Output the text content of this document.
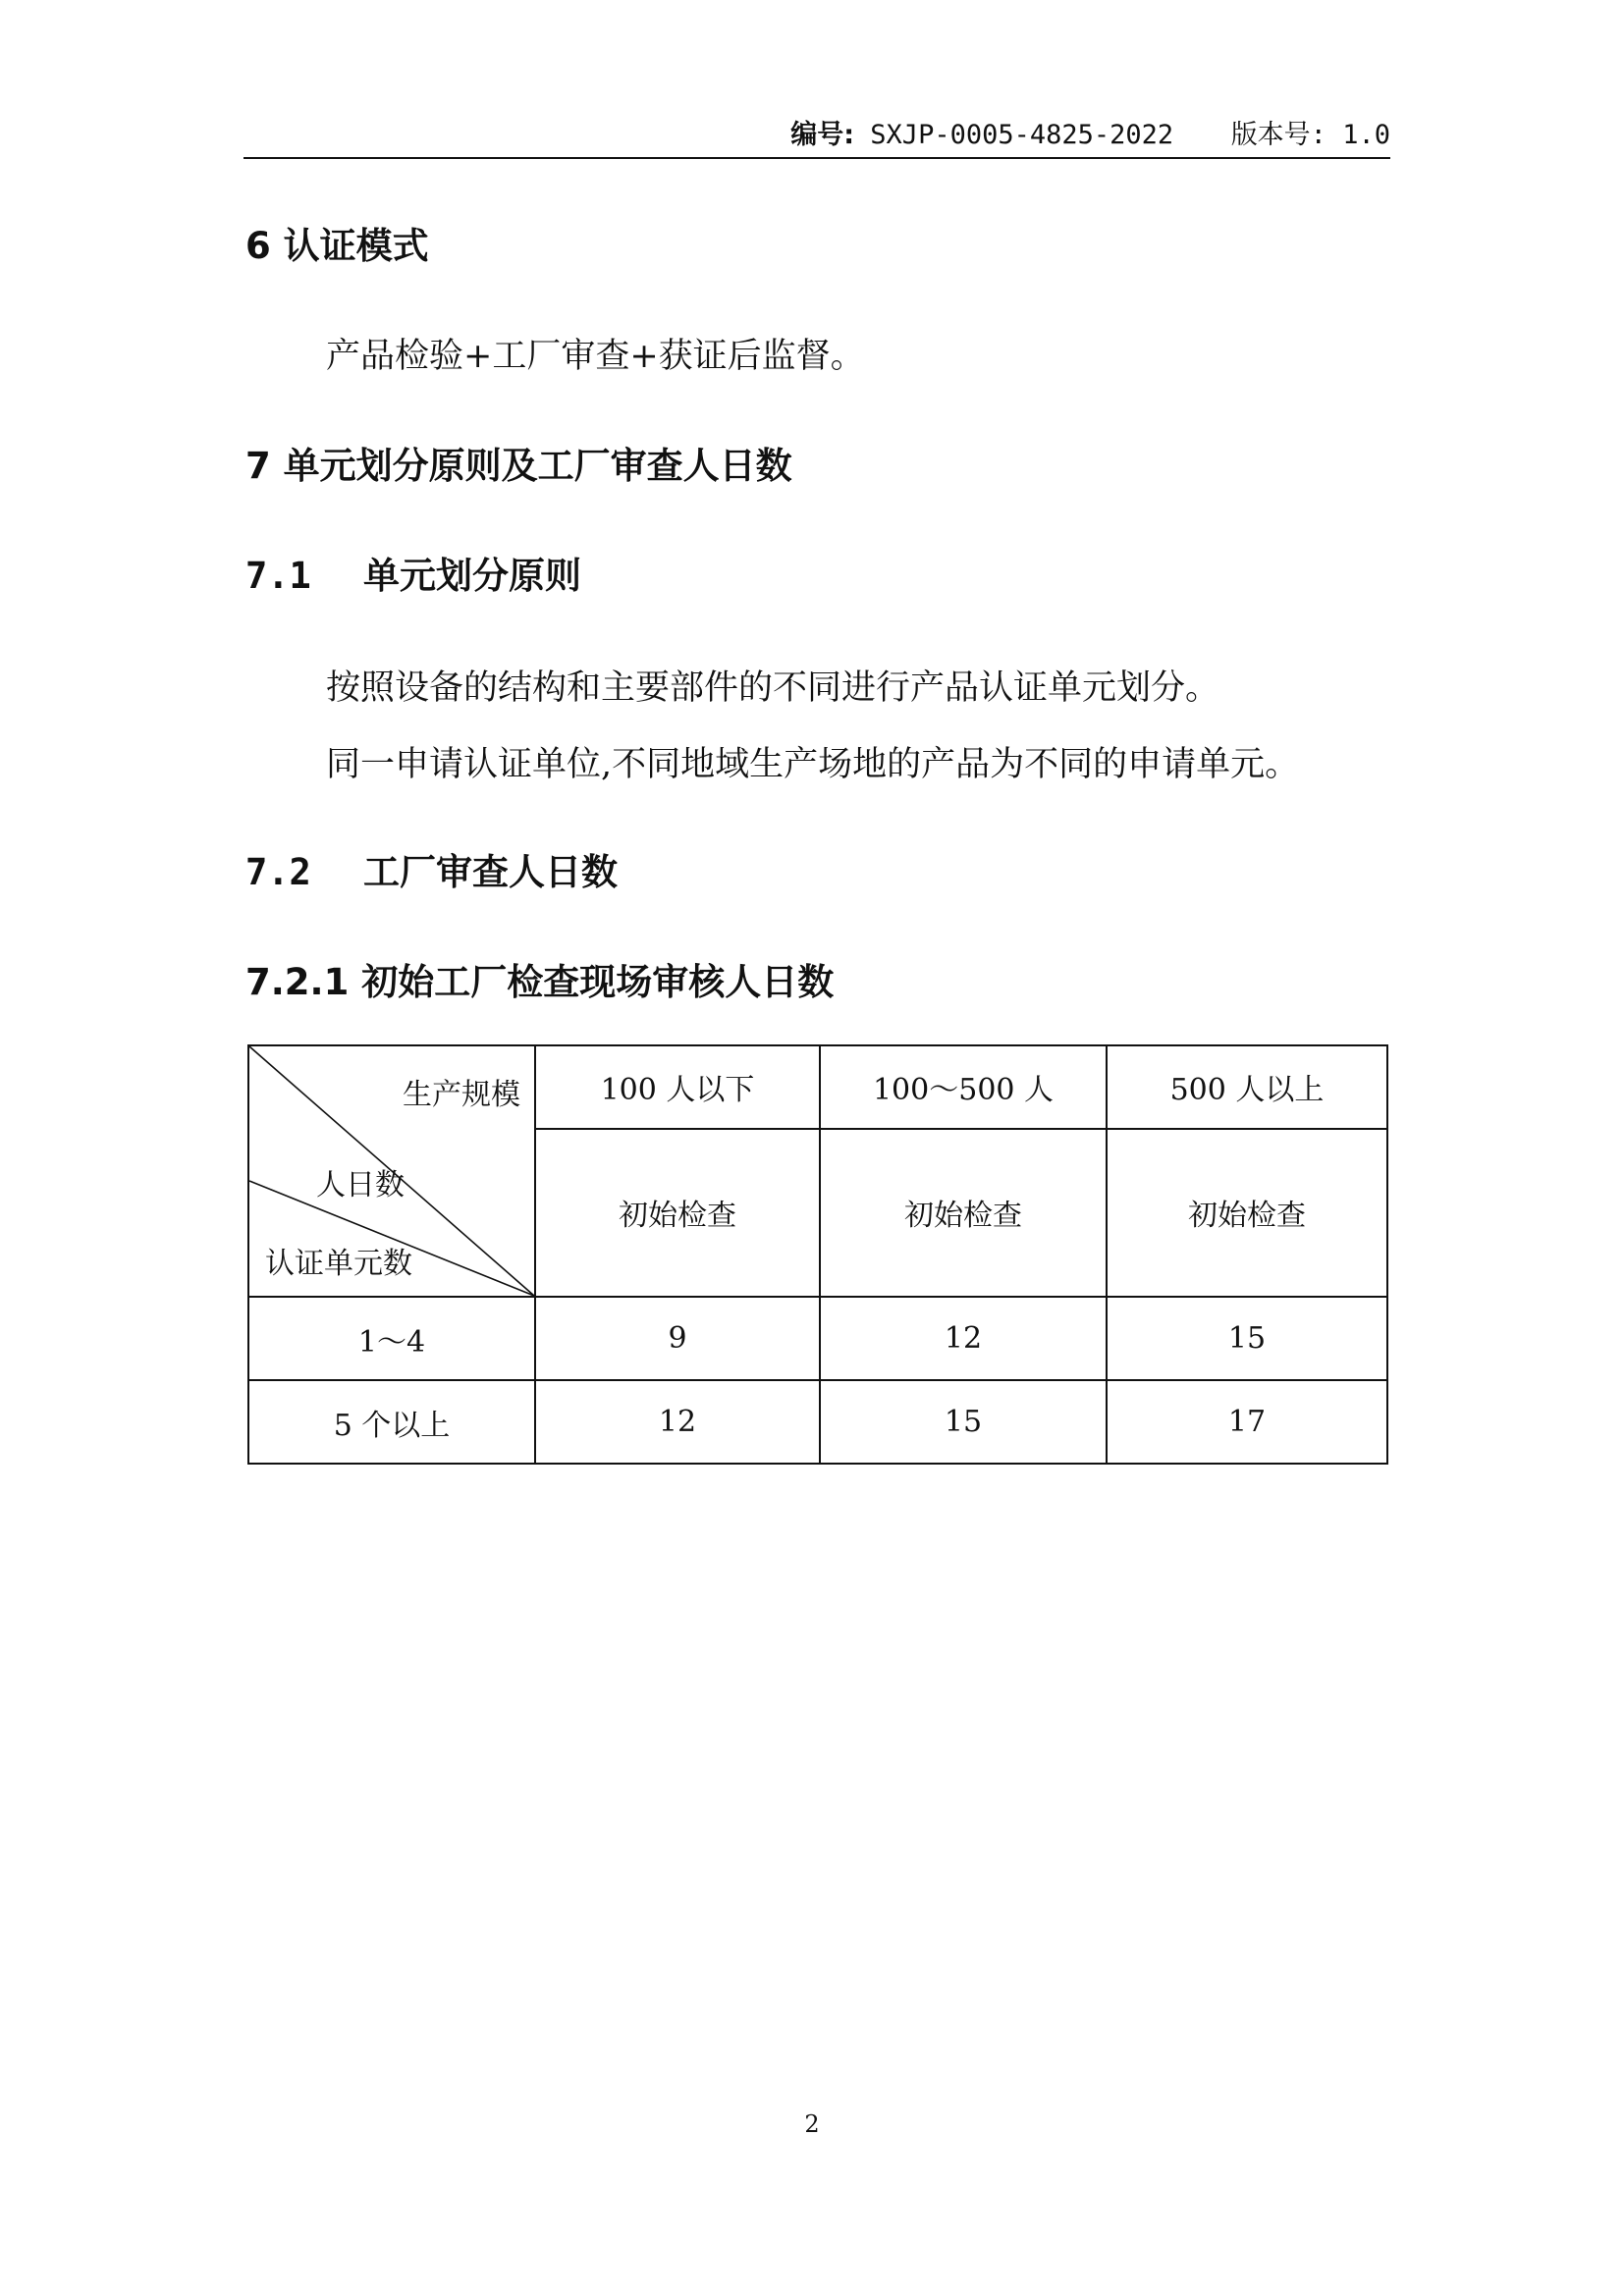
编号: SXJP-0005-4825-2022 版本号: 1.0
6 认证模式

产品检验+工厂审查+获证后监督。

7 单元划分原则及工厂审查人日数
7.1 单元划分原则

按照设备的结构和主要部件的不同进行产品认证单元划分。

同一申请认证单位,不同地域生产场地的产品为不同的申请单元。

7.2 工厂审查人日数
7.2.1 初始工厂检查现场审核人日数
生产规模
人日数
认证单元数	100 人以下	100～500 人	500 人以上
	初始检查	初始检查	初始检查
1～4	9	12	15
5 个以上	12	15	17
2
